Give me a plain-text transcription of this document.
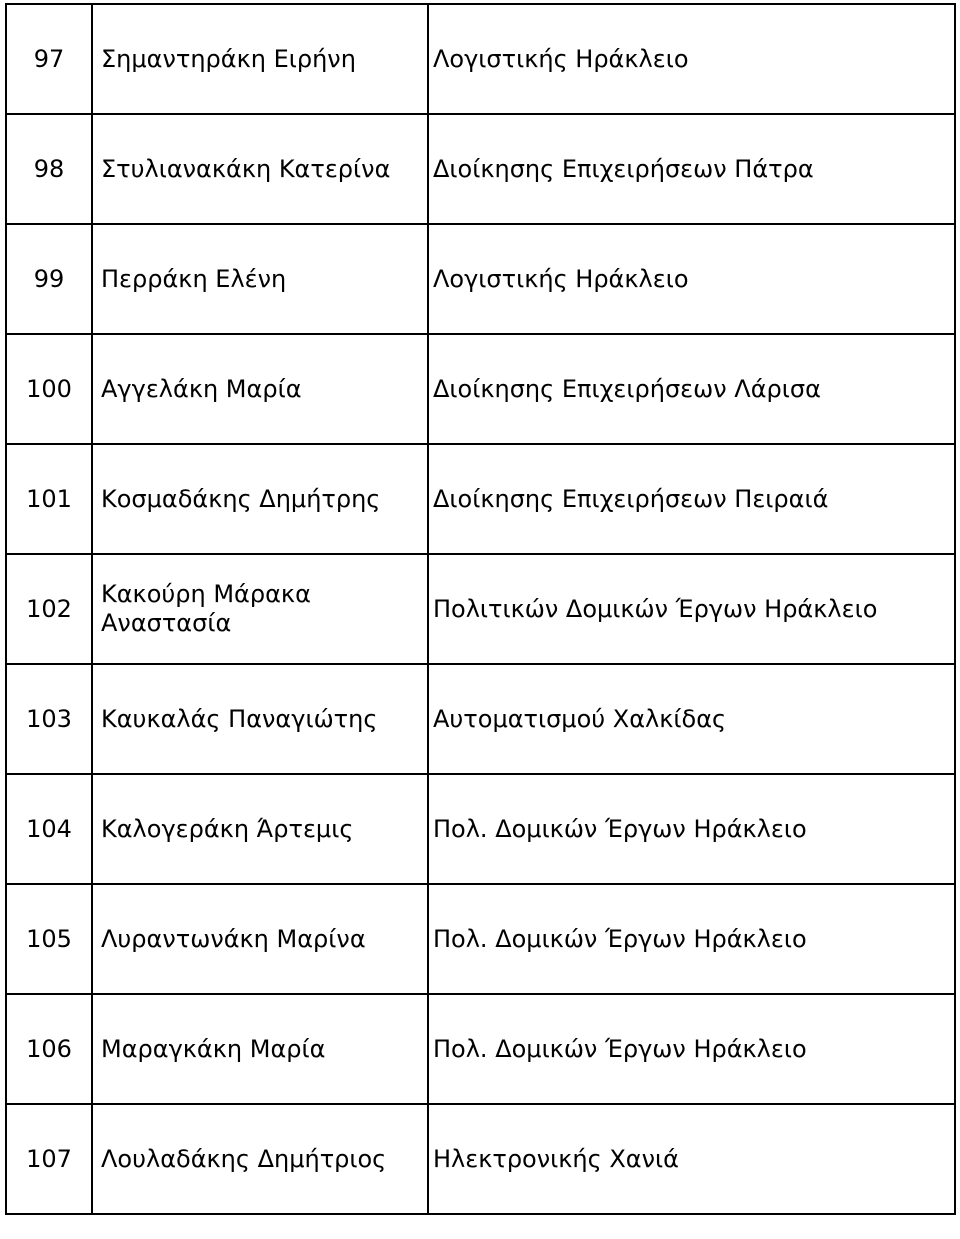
97	Σημαντηράκη Ειρήνη	Λογιστικής Ηράκλειο
98	Στυλιανακάκη Κατερίνα	Διοίκησης Επιχειρήσεων Πάτρα
99	Περράκη Ελένη	Λογιστικής Ηράκλειο
100	Αγγελάκη Μαρία	Διοίκησης Επιχειρήσεων Λάρισα
101	Κοσμαδάκης Δημήτρης	Διοίκησης Επιχειρήσεων Πειραιά
102	Κακούρη Μάρακα Αναστασία	Πολιτικών Δομικών Έργων Ηράκλειο
103	Καυκαλάς Παναγιώτης	Αυτοματισμού Χαλκίδας
104	Καλογεράκη Άρτεμις	Πολ. Δομικών Έργων Ηράκλειο
105	Λυραντωνάκη Μαρίνα	Πολ. Δομικών Έργων Ηράκλειο
106	Μαραγκάκη Μαρία	Πολ. Δομικών Έργων Ηράκλειο
107	Λουλαδάκης Δημήτριος	Ηλεκτρονικής Χανιά
